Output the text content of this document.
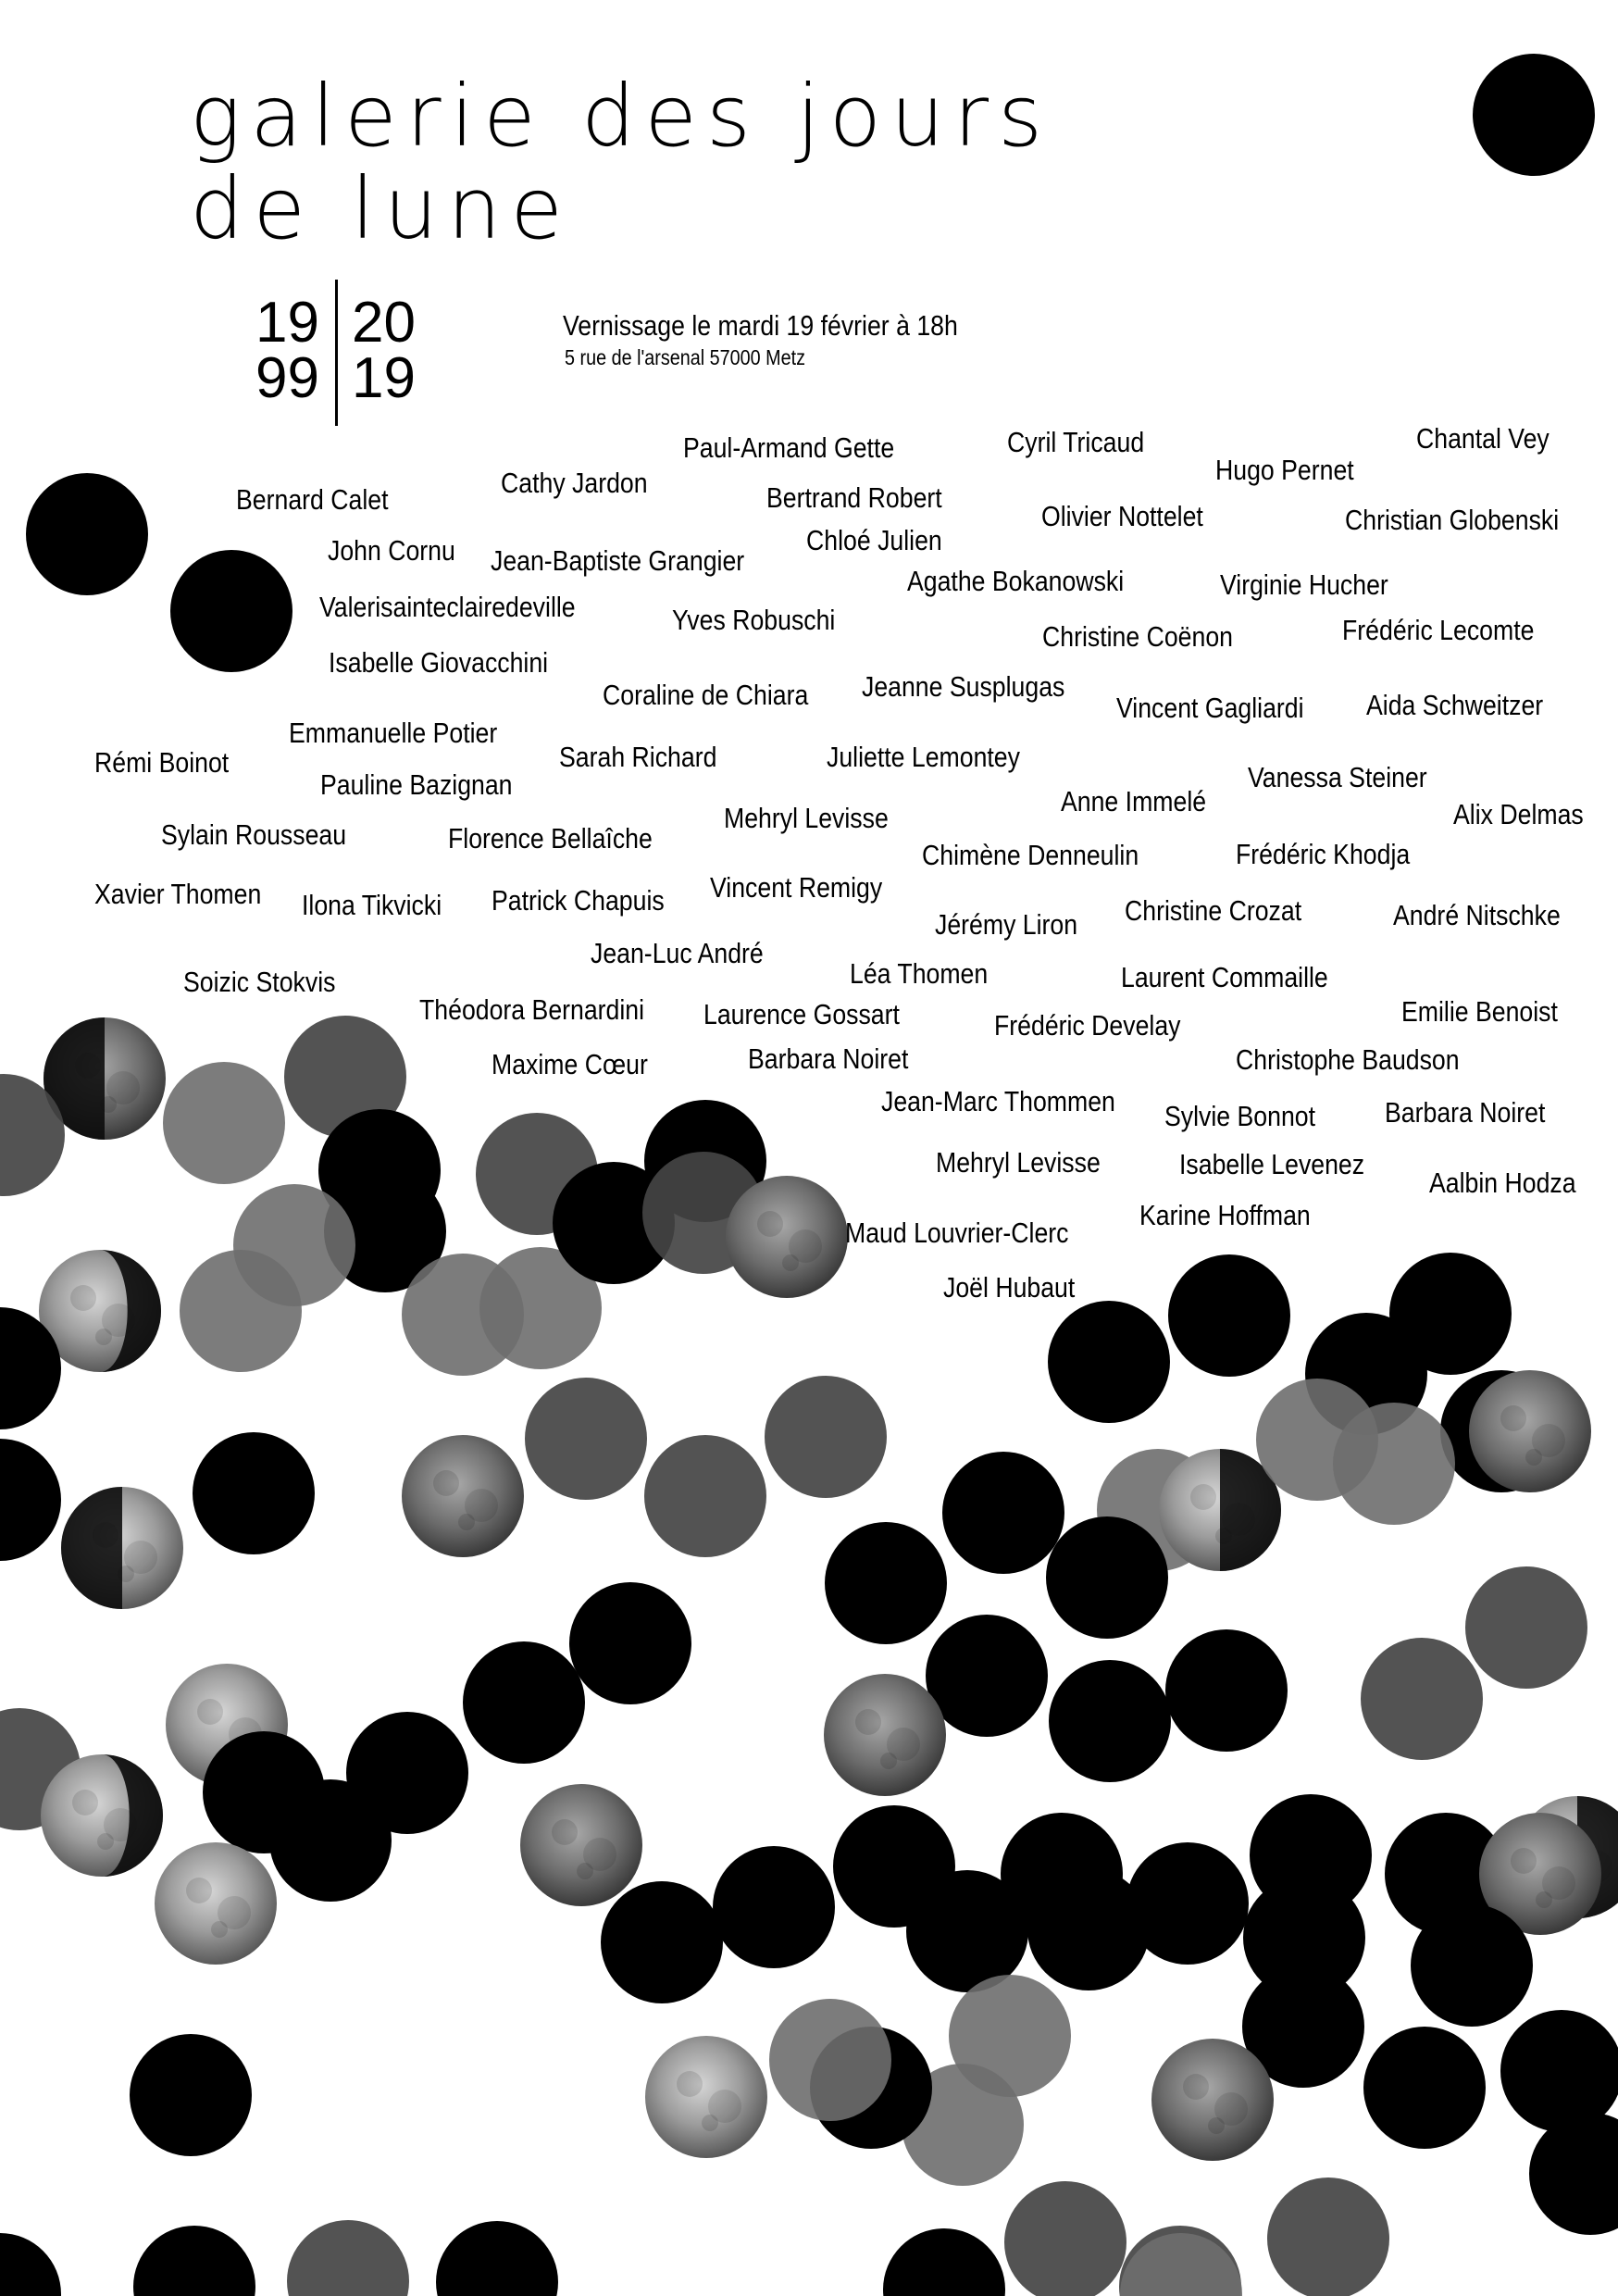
galerie des jours
de lune
19
99
20
19
Vernissage le mardi 19 février à 18h
5 rue de l'arsenal 57000 Metz
Paul-Armand Gette	Cyril Tricaud	Chantal Vey
Hugo Pernet
Bernard Calet
Cathy Jardon	Bertrand Robert
Olivier Nottelet	Christian Globenski
John Cornu Jean-Baptiste Grangier
Chloé Julien
Agathe Bokanowski	Virginie Hucher
Valerisainteclairedeville	Yves Robuschi
Christine Coënon	Frédéric Lecomte
Isabelle Giovacchini
Coraline de Chiara Jeanne Susplugas
Vincent Gagliardi Aida Schweitzer
Emmanuelle Potier
Rémi Boinot	Sarah Richard	Juliette Lemontey
Vanessa Steiner
Pauline Bazignan
Anne Immelé	Alix Delmas
Sylain Rousseau	Florence Bellaîche
Mehryl Levisse
Chimène Denneulin	Frédéric Khodja
Xavier Thomen Ilona Tikvicki Patrick Chapuis Vincent Remigy
Jérémy Liron Christine Crozat	André Nitschke
Jean-Luc André
Soizic Stokvis	Léa Thomen	Laurent Commaille
Théodora Bernardini Laurence Gossart	Frédéric Develay	Emilie Benoist
Maxime Cœur	Barbara Noiret	Christophe Baudson
Jean-Marc Thommen Sylvie Bonnot Barbara Noiret
Mehryl Levisse	Isabelle Levenez
Aalbin Hodza
Karine Hoffman
Maud Louvrier-Clerc
Joël Hubaut
